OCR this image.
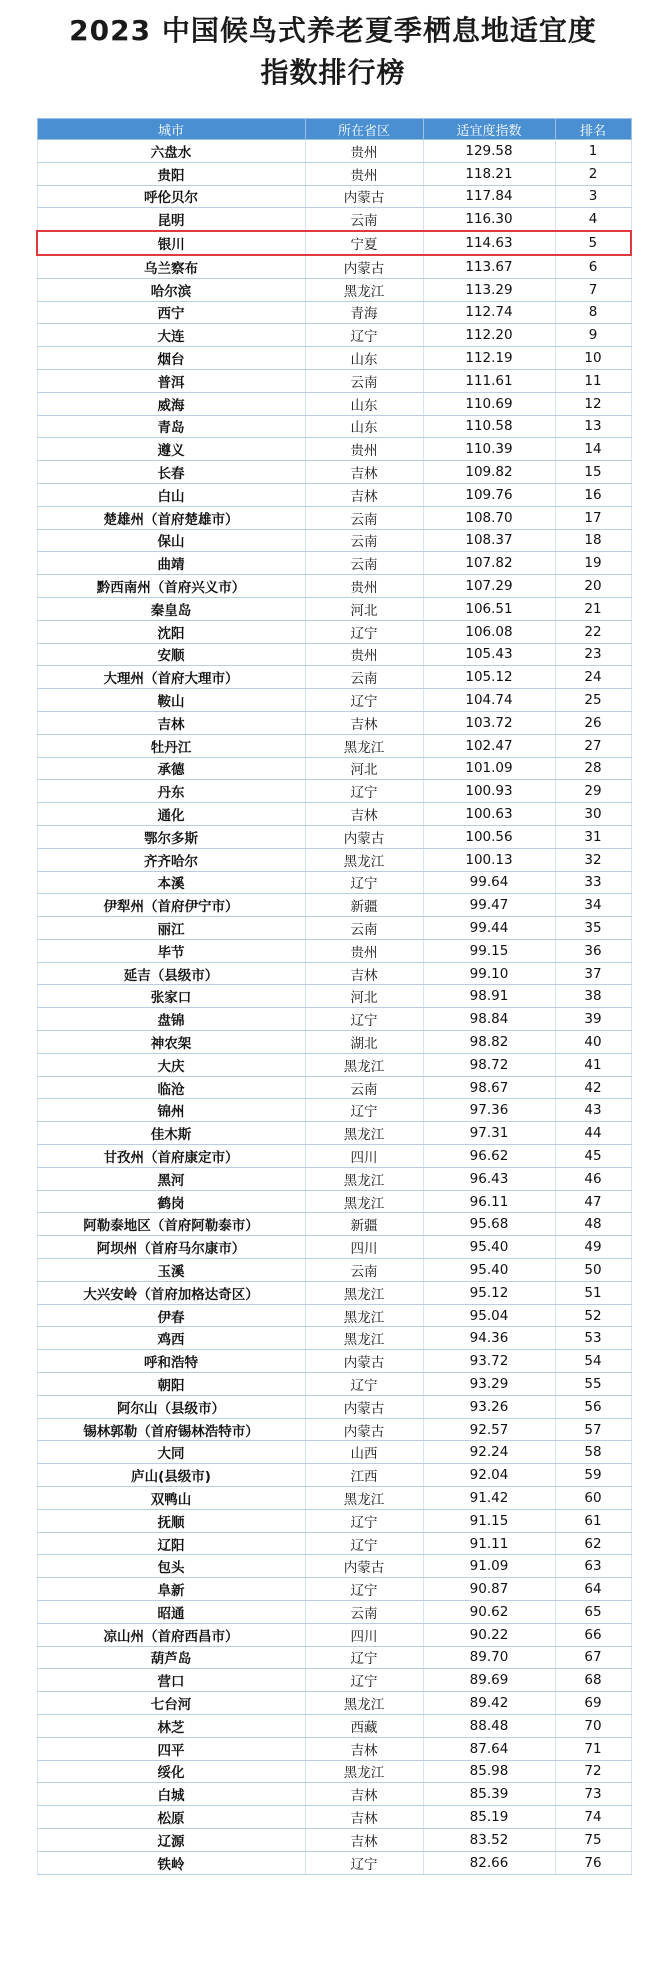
2023 中国候鸟式养老夏季栖息地适宜度
指数排行榜
城市	所在省区	适宜度指数	排名
六盘水	贵州	129.58	1
贵阳	贵州	118.21	2
呼伦贝尔	内蒙古	117.84	3
昆明	云南	116.30	4
银川	宁夏	114.63	5
乌兰察布	内蒙古	113.67	6
哈尔滨	黑龙江	113.29	7
西宁	青海	112.74	8
大连	辽宁	112.20	9
烟台	山东	112.19	10
普洱	云南	111.61	11
威海	山东	110.69	12
青岛	山东	110.58	13
遵义	贵州	110.39	14
长春	吉林	109.82	15
白山	吉林	109.76	16
楚雄州（首府楚雄市）	云南	108.70	17
保山	云南	108.37	18
曲靖	云南	107.82	19
黔西南州（首府兴义市）	贵州	107.29	20
秦皇岛	河北	106.51	21
沈阳	辽宁	106.08	22
安顺	贵州	105.43	23
大理州（首府大理市）	云南	105.12	24
鞍山	辽宁	104.74	25
吉林	吉林	103.72	26
牡丹江	黑龙江	102.47	27
承德	河北	101.09	28
丹东	辽宁	100.93	29
通化	吉林	100.63	30
鄂尔多斯	内蒙古	100.56	31
齐齐哈尔	黑龙江	100.13	32
本溪	辽宁	99.64	33
伊犁州（首府伊宁市）	新疆	99.47	34
丽江	云南	99.44	35
毕节	贵州	99.15	36
延吉（县级市）	吉林	99.10	37
张家口	河北	98.91	38
盘锦	辽宁	98.84	39
神农架	湖北	98.82	40
大庆	黑龙江	98.72	41
临沧	云南	98.67	42
锦州	辽宁	97.36	43
佳木斯	黑龙江	97.31	44
甘孜州（首府康定市）	四川	96.62	45
黑河	黑龙江	96.43	46
鹤岗	黑龙江	96.11	47
阿勒泰地区（首府阿勒泰市）	新疆	95.68	48
阿坝州（首府马尔康市）	四川	95.40	49
玉溪	云南	95.40	50
大兴安岭（首府加格达奇区）	黑龙江	95.12	51
伊春	黑龙江	95.04	52
鸡西	黑龙江	94.36	53
呼和浩特	内蒙古	93.72	54
朝阳	辽宁	93.29	55
阿尔山（县级市）	内蒙古	93.26	56
锡林郭勒（首府锡林浩特市）	内蒙古	92.57	57
大同	山西	92.24	58
庐山(县级市)	江西	92.04	59
双鸭山	黑龙江	91.42	60
抚顺	辽宁	91.15	61
辽阳	辽宁	91.11	62
包头	内蒙古	91.09	63
阜新	辽宁	90.87	64
昭通	云南	90.62	65
凉山州（首府西昌市）	四川	90.22	66
葫芦岛	辽宁	89.70	67
营口	辽宁	89.69	68
七台河	黑龙江	89.42	69
林芝	西藏	88.48	70
四平	吉林	87.64	71
绥化	黑龙江	85.98	72
白城	吉林	85.39	73
松原	吉林	85.19	74
辽源	吉林	83.52	75
铁岭	辽宁	82.66	76
